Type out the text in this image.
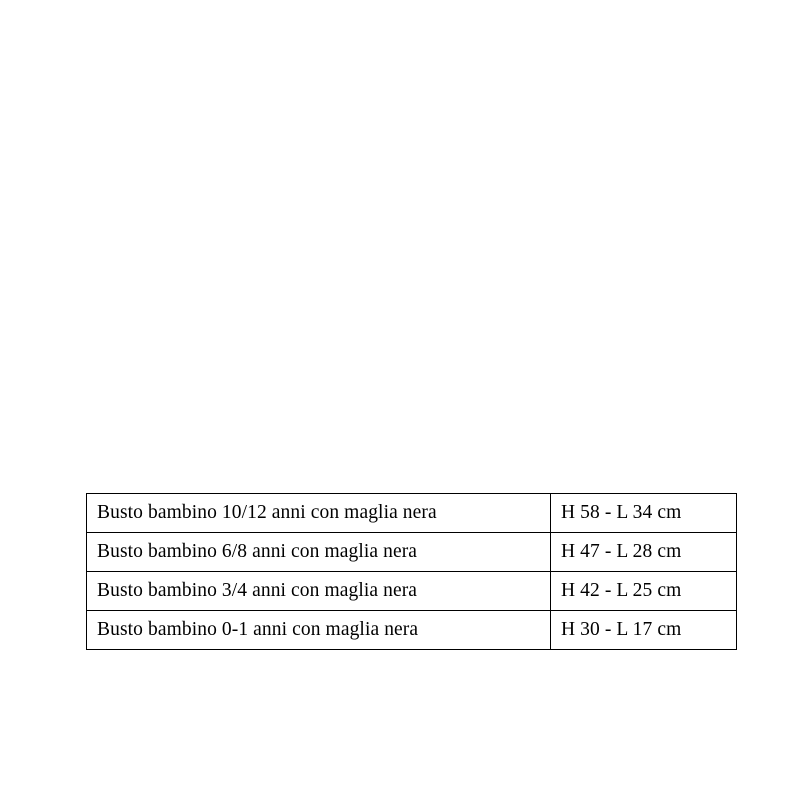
Busto bambino 10/12 anni con maglia nera	H 58 - L 34 cm
Busto bambino 6/8 anni con maglia nera	H 47 - L 28 cm
Busto bambino 3/4 anni con maglia nera	H 42 - L 25 cm
Busto bambino 0-1 anni con maglia nera	H 30 - L 17 cm
